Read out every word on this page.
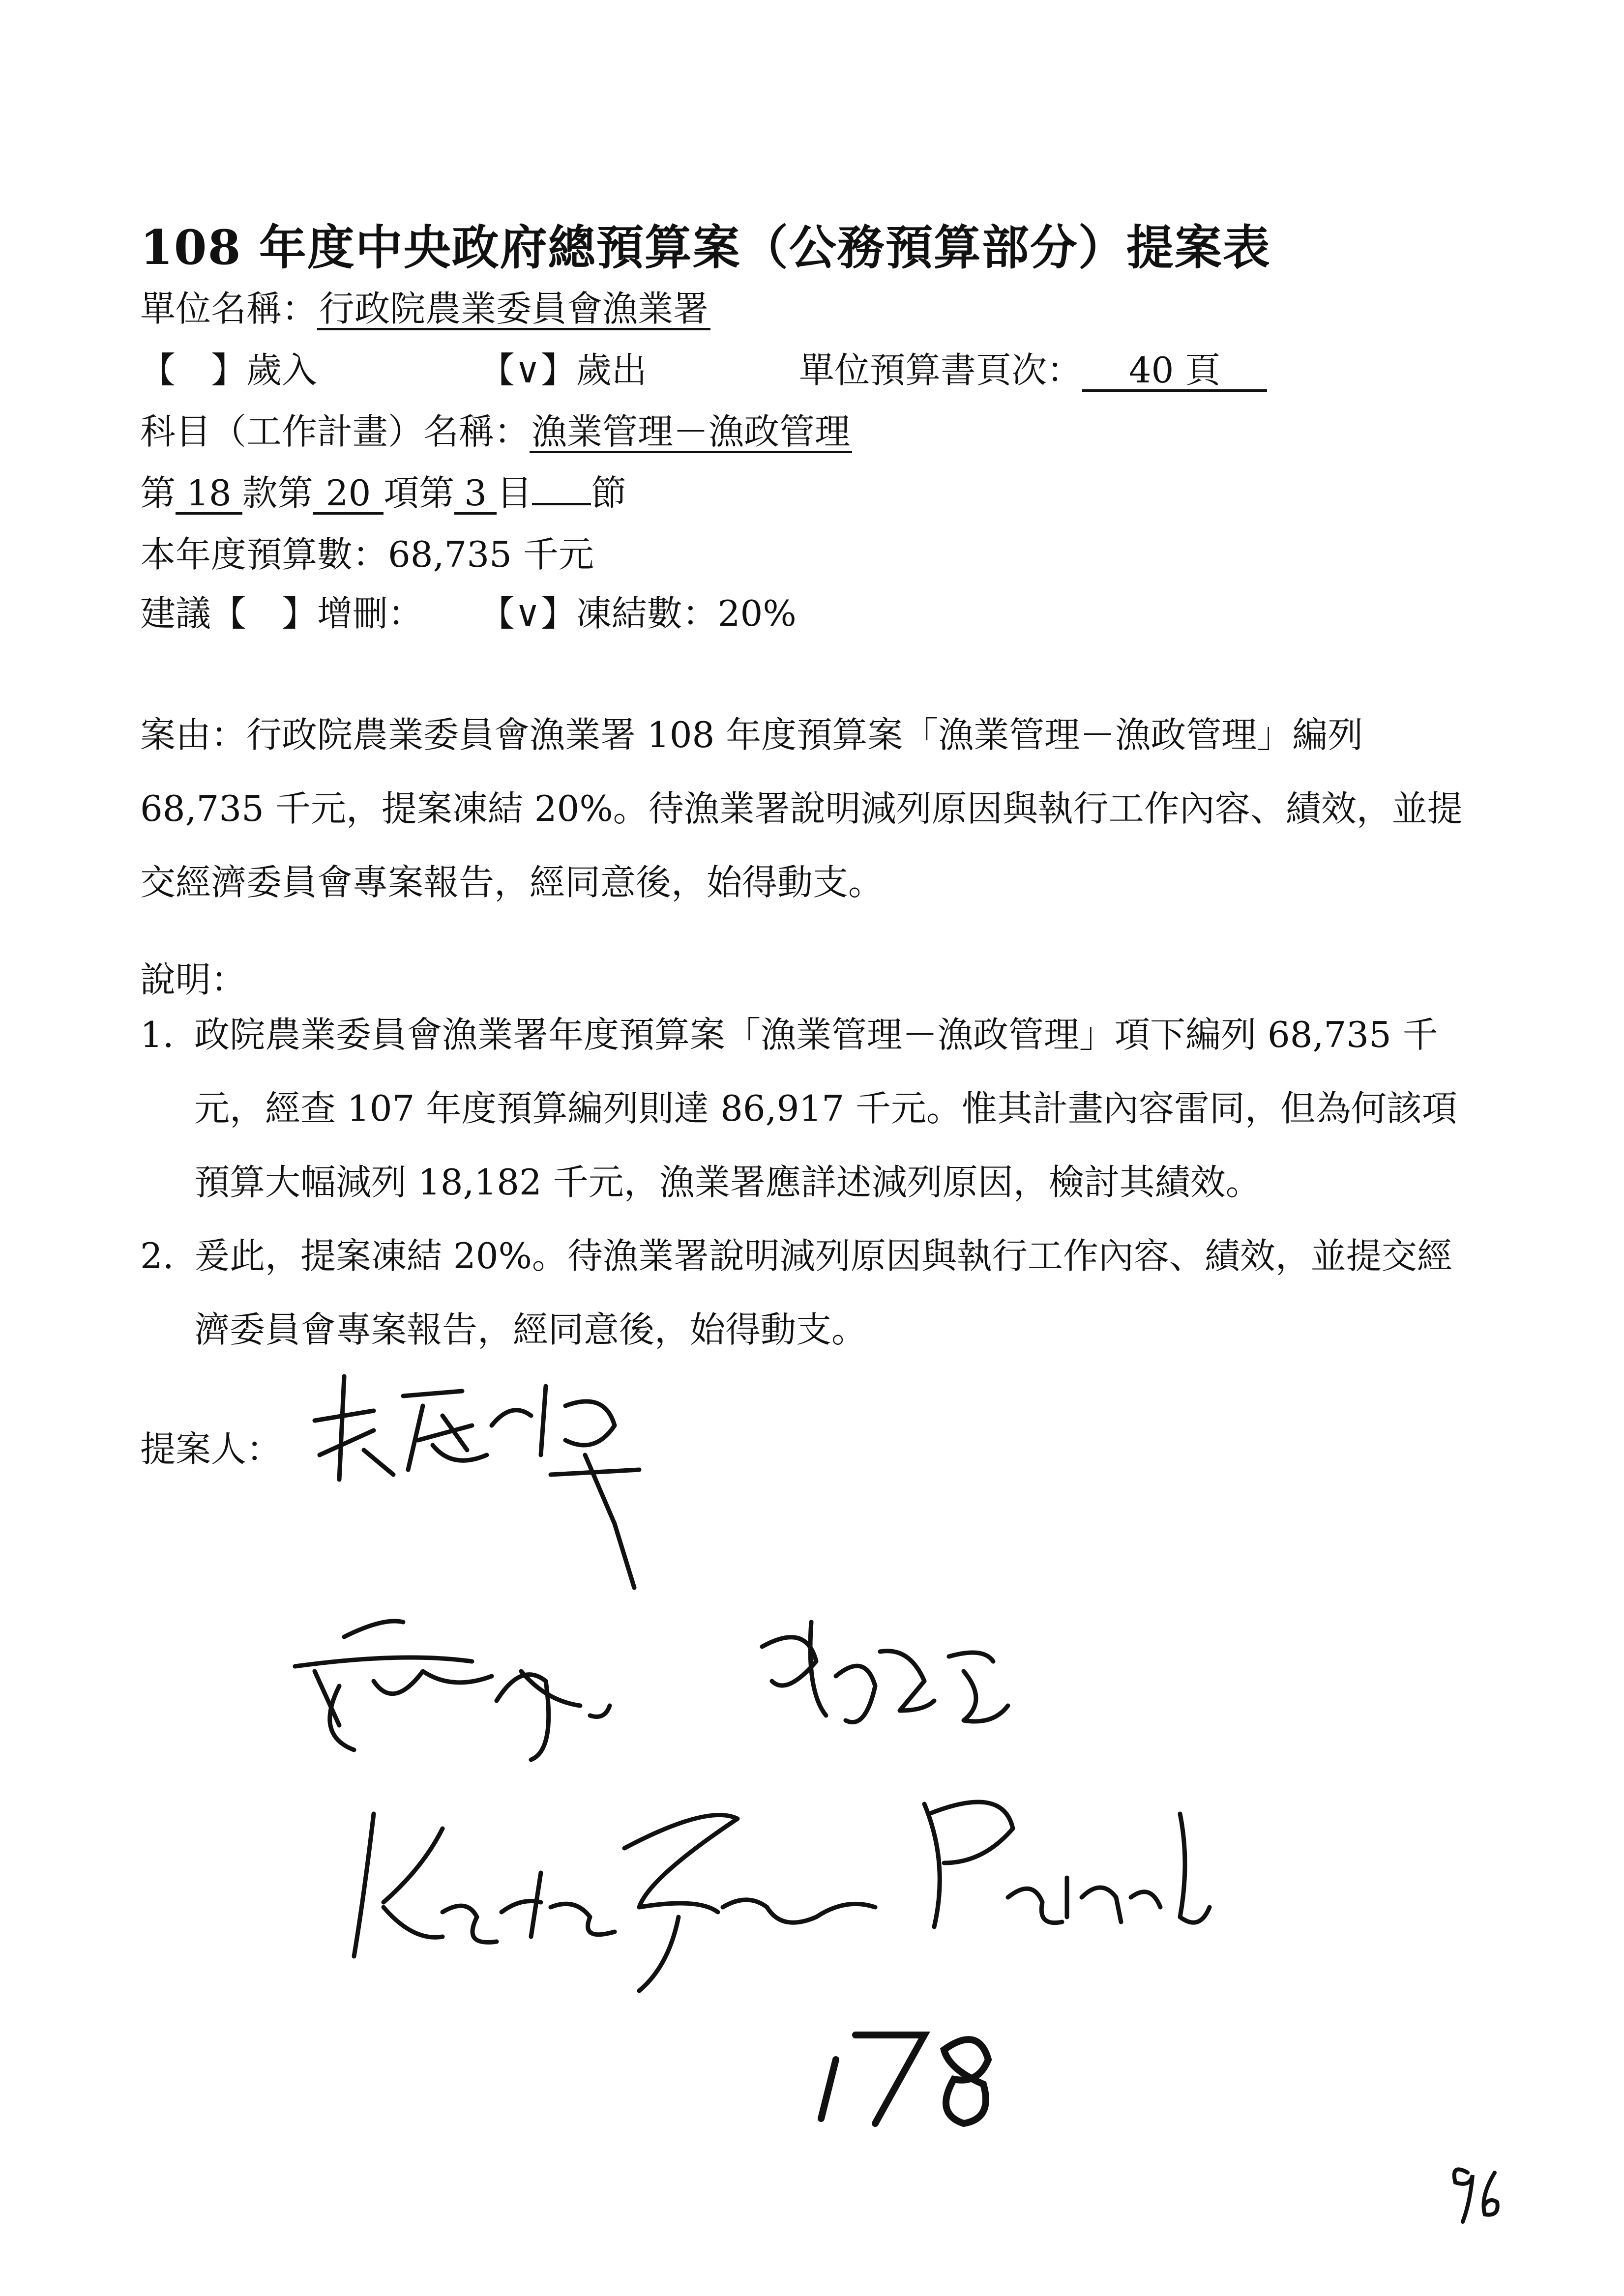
108 年度中央政府總預算案（公務預算部分）提案表
單位名稱：行政院農業委員會漁業署
【　】歲入	【∨】歲出	單位預算書頁次： 40 頁
科目（工作計畫）名稱：漁業管理－漁政管理
第 18 款第 20 項第 3 目 節
本年度預算數：68,735 千元
建議【　】增刪： 【∨】凍結數：20%
案由：行政院農業委員會漁業署 108 年度預算案「漁業管理－漁政管理」編列 68,735 千元，提案凍結 20%。待漁業署說明減列原因與執行工作內容、績效，並提交經濟委員會專案報告，經同意後，始得動支。
說明：
1. 政院農業委員會漁業署年度預算案「漁業管理－漁政管理」項下編列 68,735 千元，經查 107 年度預算編列則達 86,917 千元。惟其計畫內容雷同，但為何該項預算大幅減列 18,182 千元，漁業署應詳述減列原因，檢討其績效。
2. 爰此，提案凍結 20%。待漁業署說明減列原因與執行工作內容、績效，並提交經濟委員會專案報告，經同意後，始得動支。
提案人：
